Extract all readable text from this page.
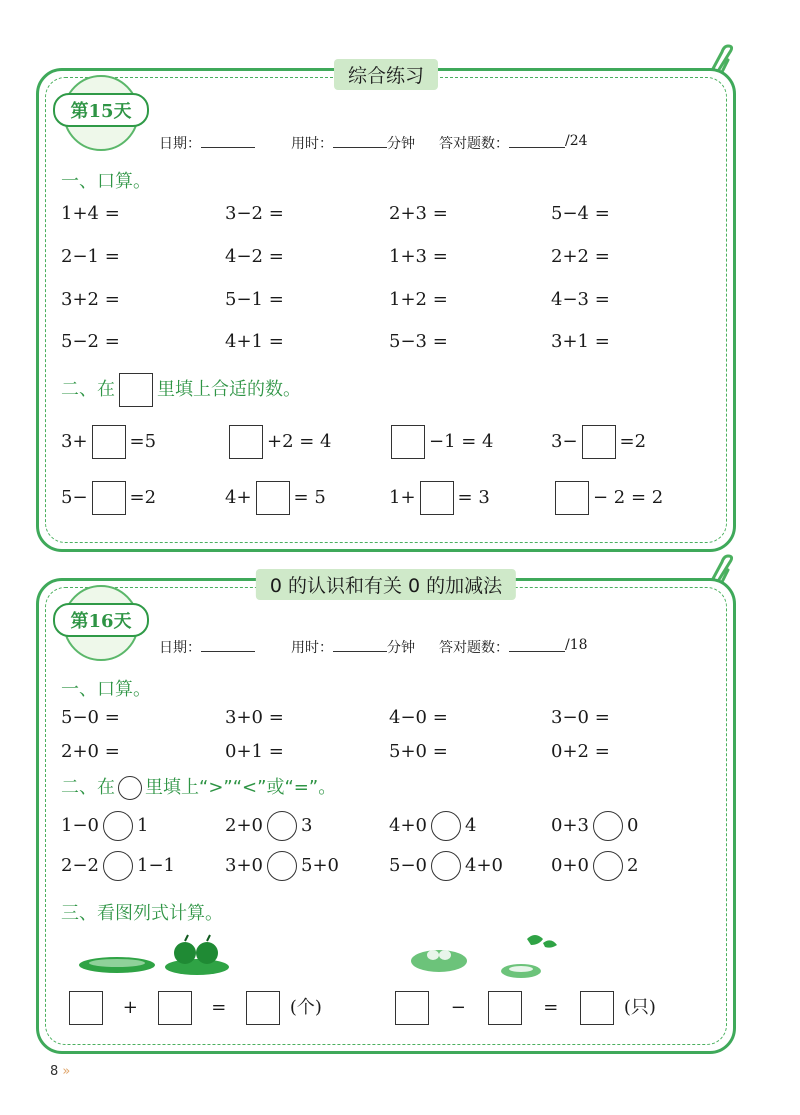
综合练习
第15天
日期：	用时：	分钟 答对题数：	/24
一、口算。
1+4 =	3−2 =	2+3 =	5−4 =
2−1 =	4−2 =	1+3 =	2+2 =
3+2 =	5−1 =	1+2 =	4−3 =
5−2 =	4+1 =	5−3 =	3+1 =
二、在 里填上合适的数。
3+ =5	+2 = 4	−1 = 4	3− =2
5− =2	4+ = 5	1+ = 3	− 2 = 2
0 的认识和有关 0 的加减法
第16天
日期：	用时：	分钟 答对题数：	/18
一、口算。
5−0 =	3+0 =	4−0 =	3−0 =
2+0 =	0+1 =	5+0 =	0+2 =
二、在 里填上“>”“<”或“=”。
1−0 1	2+0 3	4+0 4	0+3 0
2−2 1−1	3+0 5+0	5−0 4+0	0+0 2
三、看图列式计算。
+	=	(个)	−	=	(只)
8 »
